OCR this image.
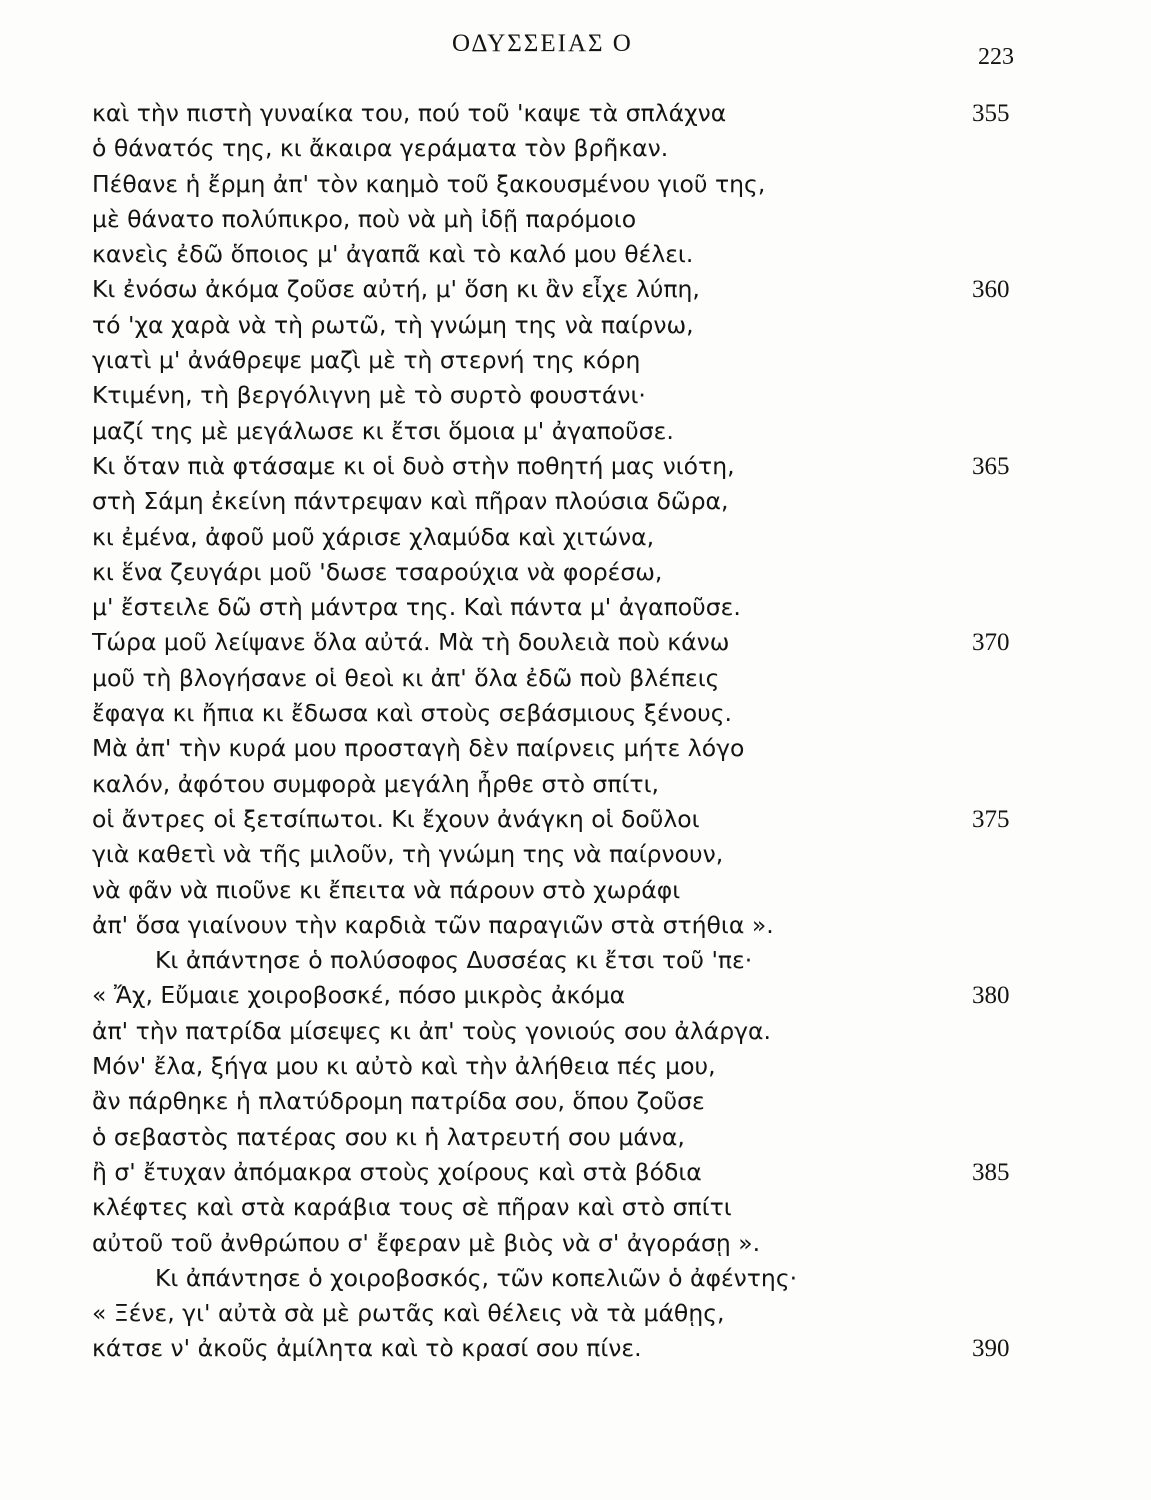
ΟΔΥΣΣΕΙΑΣ Ο	223
καὶ τὴν πιστὴ γυναίκα του, πού τοῦ 'καψε τὰ σπλάχνα	355
ὁ θάνατός της, κι ἄκαιρα γεράματα τὸν βρῆκαν.
Πέθανε ἡ ἔρμη ἀπ' τὸν καημὸ τοῦ ξακουσμένου γιοῦ της,
μὲ θάνατο πολύπικρο, ποὺ νὰ μὴ ἰδῇ παρόμοιο
κανεὶς ἐδῶ ὅποιος μ' ἀγαπᾶ καὶ τὸ καλό μου θέλει.
Κι ἐνόσω ἀκόμα ζοῦσε αὐτή, μ' ὅση κι ἂν εἶχε λύπη,	360
τό 'χα χαρὰ νὰ τὴ ρωτῶ, τὴ γνώμη της νὰ παίρνω,
γιατὶ μ' ἀνάθρεψε μαζὶ μὲ τὴ στερνή της κόρη
Κτιμένη, τὴ βεργόλιγνη μὲ τὸ συρτὸ φουστάνι·
μαζί της μὲ μεγάλωσε κι ἔτσι ὅμοια μ' ἀγαποῦσε.
Κι ὅταν πιὰ φτάσαμε κι οἱ δυὸ στὴν ποθητή μας νιότη,	365
στὴ Σάμη ἐκείνη πάντρεψαν καὶ πῆραν πλούσια δῶρα,
κι ἐμένα, ἀφοῦ μοῦ χάρισε χλαμύδα καὶ χιτώνα,
κι ἕνα ζευγάρι μοῦ 'δωσε τσαρούχια νὰ φορέσω,
μ' ἔστειλε δῶ στὴ μάντρα της. Καὶ πάντα μ' ἀγαποῦσε.
Τώρα μοῦ λείψανε ὅλα αὐτά. Μὰ τὴ δουλειὰ ποὺ κάνω	370
μοῦ τὴ βλογήσανε οἱ θεοὶ κι ἀπ' ὅλα ἐδῶ ποὺ βλέπεις
ἔφαγα κι ἤπια κι ἔδωσα καὶ στοὺς σεβάσμιους ξένους.
Μὰ ἀπ' τὴν κυρά μου προσταγὴ δὲν παίρνεις μήτε λόγο
καλόν, ἀφότου συμφορὰ μεγάλη ἦρθε στὸ σπίτι,
οἱ ἄντρες οἱ ξετσίπωτοι. Κι ἔχουν ἀνάγκη οἱ δοῦλοι	375
γιὰ καθετὶ νὰ τῆς μιλοῦν, τὴ γνώμη της νὰ παίρνουν,
νὰ φᾶν νὰ πιοῦνε κι ἔπειτα νὰ πάρουν στὸ χωράφι
ἀπ' ὅσα γιαίνουν τὴν καρδιὰ τῶν παραγιῶν στὰ στήθια ».
Κι ἀπάντησε ὁ πολύσοφος Δυσσέας κι ἔτσι τοῦ 'πε·
« Ἄχ, Εὔμαιε χοιροβοσκέ, πόσο μικρὸς ἀκόμα	380
ἀπ' τὴν πατρίδα μίσεψες κι ἀπ' τοὺς γονιούς σου ἀλάργα.
Μόν' ἔλα, ξήγα μου κι αὐτὸ καὶ τὴν ἀλήθεια πές μου,
ἂν πάρθηκε ἡ πλατύδρομη πατρίδα σου, ὅπου ζοῦσε
ὁ σεβαστὸς πατέρας σου κι ἡ λατρευτή σου μάνα,
ἢ σ' ἔτυχαν ἀπόμακρα στοὺς χοίρους καὶ στὰ βόδια	385
κλέφτες καὶ στὰ καράβια τους σὲ πῆραν καὶ στὸ σπίτι
αὐτοῦ τοῦ ἀνθρώπου σ' ἔφεραν μὲ βιὸς νὰ σ' ἀγοράσῃ ».
Κι ἀπάντησε ὁ χοιροβοσκός, τῶν κοπελιῶν ὁ ἀφέντης·
« Ξένε, γι' αὐτὰ σὰ μὲ ρωτᾶς καὶ θέλεις νὰ τὰ μάθῃς,
κάτσε ν' ἀκοῦς ἀμίλητα καὶ τὸ κρασί σου πίνε.	390
